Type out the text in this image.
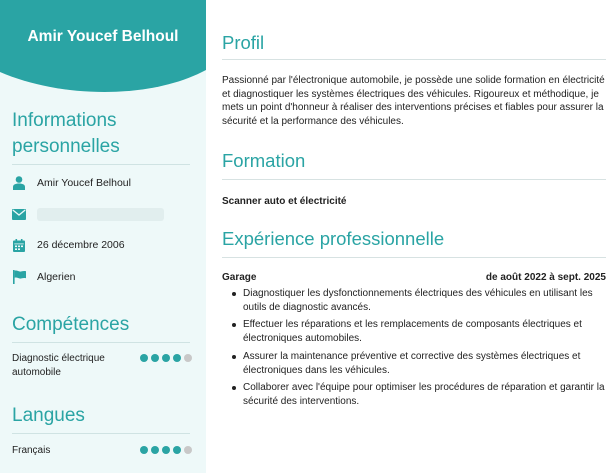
Amir Youcef Belhoul
Informations
personnelles
Amir Youcef Belhoul
26 décembre 2006
Algerien
Compétences
Diagnostic électrique automobile
Langues
Français
Profil
Passionné par l'électronique automobile, je possède une solide formation en électricité et diagnostiquer les systèmes électriques des véhicules. Rigoureux et méthodique, je mets un point d'honneur à réaliser des interventions précises et fiables pour assurer la sécurité et la performance des véhicules.
Formation
Scanner auto et électricité
Expérience professionnelle
Garage	de août 2022 à sept. 2025
Diagnostiquer les dysfonctionnements électriques des véhicules en utilisant les outils de diagnostic avancés.
Effectuer les réparations et les remplacements de composants électriques et électroniques automobiles.
Assurer la maintenance préventive et corrective des systèmes électriques et électroniques dans les véhicules.
Collaborer avec l'équipe pour optimiser les procédures de réparation et garantir la sécurité des interventions.
